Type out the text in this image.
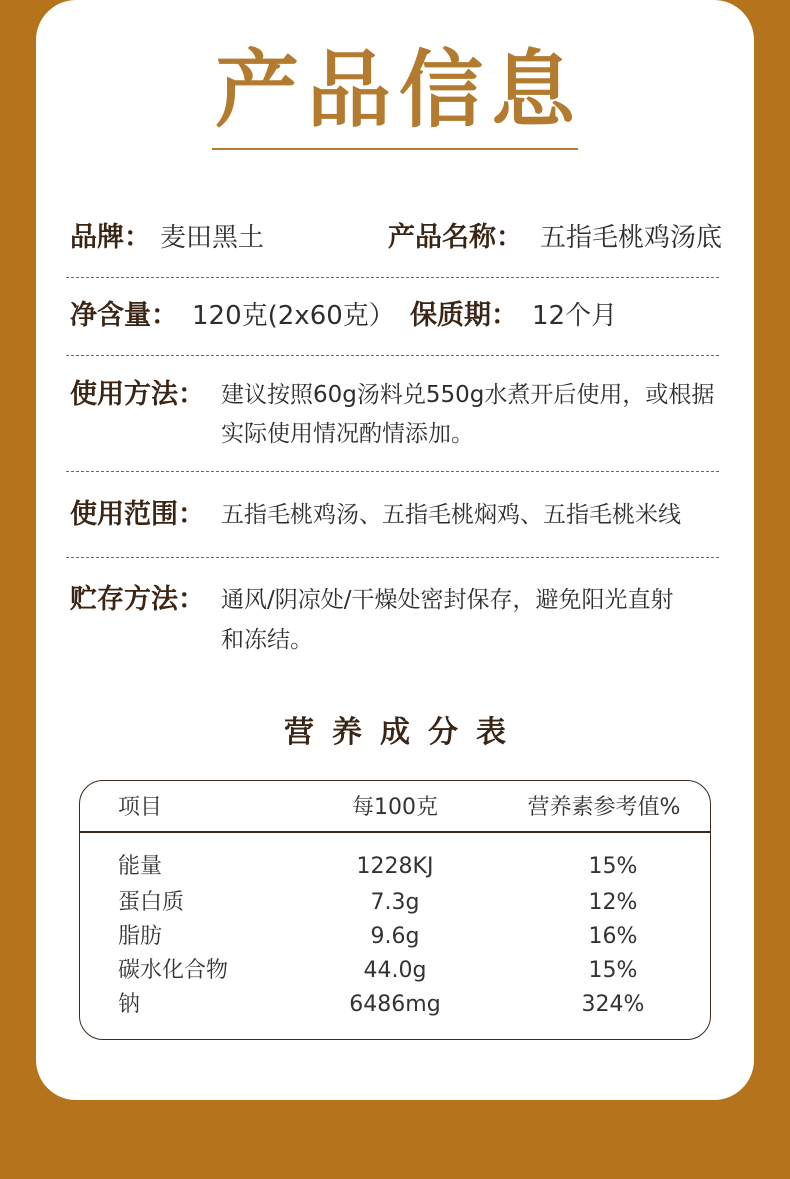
产品信息
品牌： 麦田黑土	产品名称： 五指毛桃鸡汤底
净含量： 120克(2x60克） 保质期： 12个月
使用方法： 建议按照60g汤料兑550g水煮开后使用，或根据
实际使用情况酌情添加。
使用范围： 五指毛桃鸡汤、五指毛桃焖鸡、五指毛桃米线
贮存方法： 通风/阴凉处/干燥处密封保存，避免阳光直射
和冻结。
营养成分表
项目	每100克	营养素参考值%
能量	1228KJ	15%
蛋白质	7.3g	12%
脂肪	9.6g	16%
碳水化合物	44.0g	15%
钠	6486mg	324%
